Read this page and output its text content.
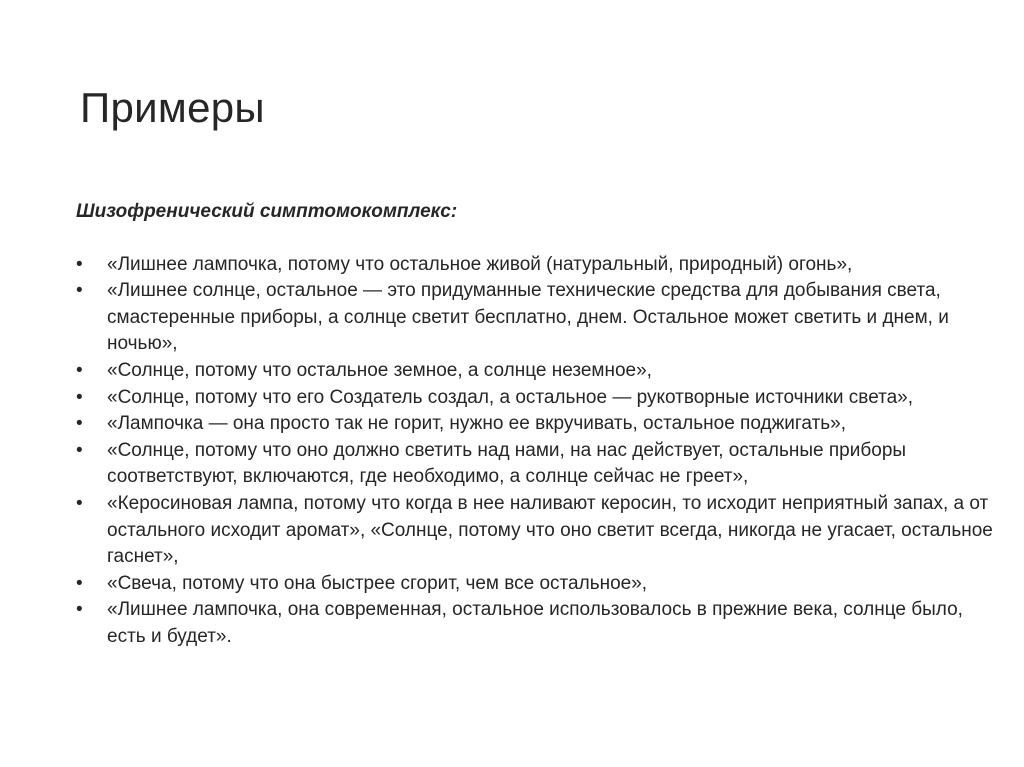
Примеры
Шизофренический симптомокомплекс:
•	«Лишнее лампочка, потому что остальное живой (натуральный, природный) огонь»,
•	«Лишнее солнце, остальное — это придуманные технические средства для добывания света, смастеренные приборы, а солнце светит бесплатно, днем. Остальное может светить и днем, и ночью»,
•	«Солнце, потому что остальное земное, а солнце неземное»,
•	«Солнце, потому что его Создатель создал, а остальное — рукотворные источники света»,
•	«Лампочка — она просто так не горит, нужно ее вкручивать, остальное поджигать»,
•	«Солнце, потому что оно должно светить над нами, на нас действует, остальные приборы соответствуют, включаются, где необходимо, а солнце сейчас не греет»,
•	«Керосиновая лампа, потому что когда в нее наливают керосин, то исходит неприятный запах, а от остального исходит аромат», «Солнце, потому что оно светит всегда, никогда не угасает, остальное гаснет»,
•	«Свеча, потому что она быстрее сгорит, чем все остальное»,
•	«Лишнее лампочка, она современная, остальное использовалось в прежние века, солнце было, есть и будет».
